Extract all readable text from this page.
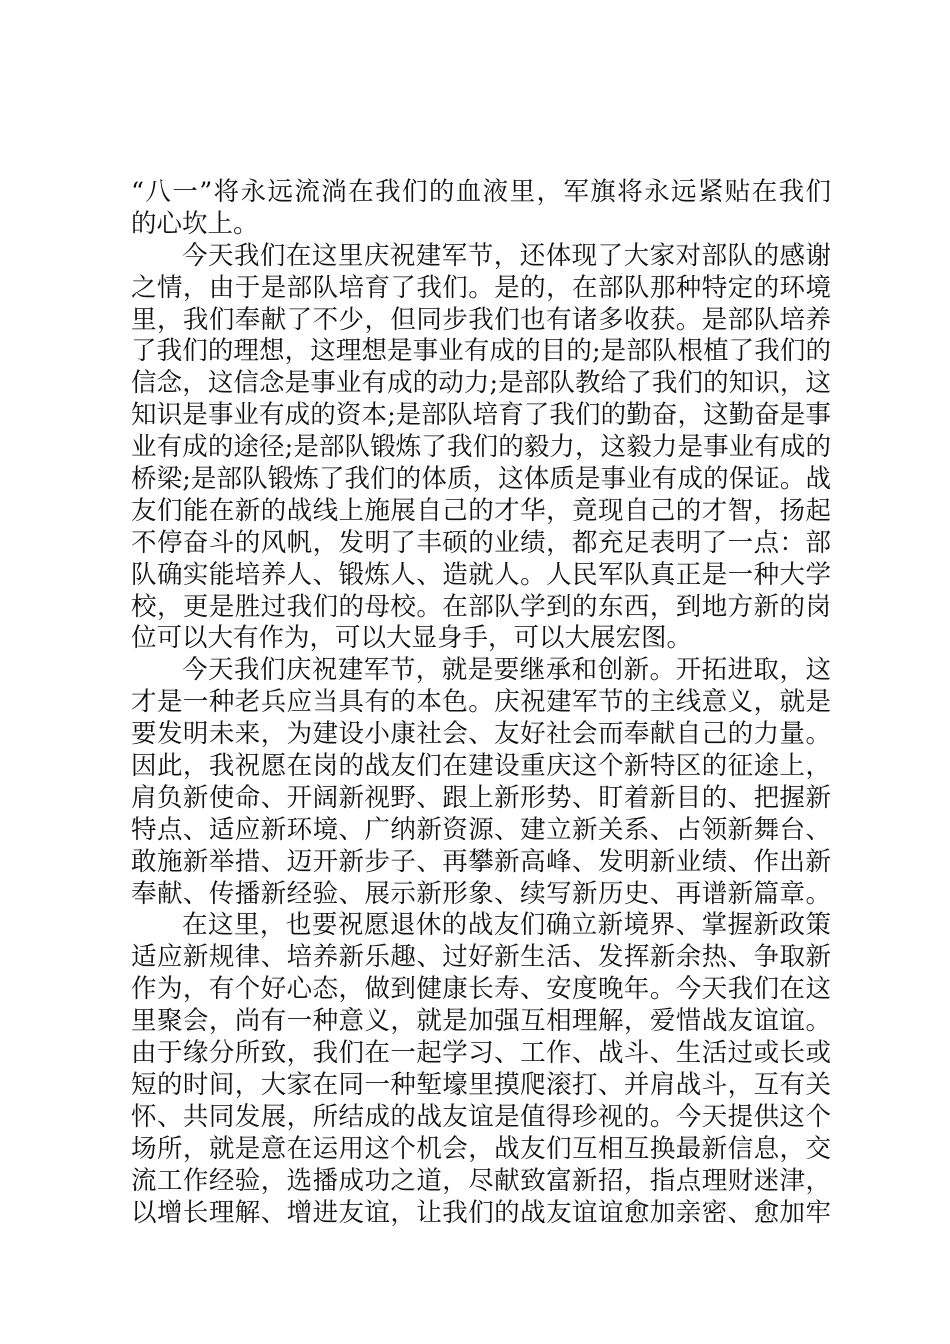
“八一”将永远流淌在我们的血液里，军旗将永远紧贴在我们
的心坎上。
今天我们在这里庆祝建军节，还体现了大家对部队的感谢
之情，由于是部队培育了我们。是的，在部队那种特定的环境
里，我们奉献了不少，但同步我们也有诸多收获。是部队培养
了我们的理想，这理想是事业有成的目的;是部队根植了我们的
信念，这信念是事业有成的动力;是部队教给了我们的知识，这
知识是事业有成的资本;是部队培育了我们的勤奋，这勤奋是事
业有成的途径;是部队锻炼了我们的毅力，这毅力是事业有成的
桥梁;是部队锻炼了我们的体质，这体质是事业有成的保证。战
友们能在新的战线上施展自己的才华，竟现自己的才智，扬起
不停奋斗的风帆，发明了丰硕的业绩，都充足表明了一点：部
队确实能培养人、锻炼人、造就人。人民军队真正是一种大学
校，更是胜过我们的母校。在部队学到的东西，到地方新的岗
位可以大有作为，可以大显身手，可以大展宏图。
今天我们庆祝建军节，就是要继承和创新。开拓进取，这
才是一种老兵应当具有的本色。庆祝建军节的主线意义，就是
要发明未来，为建设小康社会、友好社会而奉献自己的力量。
因此，我祝愿在岗的战友们在建设重庆这个新特区的征途上，
肩负新使命、开阔新视野、跟上新形势、盯着新目的、把握新
特点、适应新环境、广纳新资源、建立新关系、占领新舞台、
敢施新举措、迈开新步子、再攀新高峰、发明新业绩、作出新
奉献、传播新经验、展示新形象、续写新历史、再谱新篇章。
在这里，也要祝愿退休的战友们确立新境界、掌握新政策
适应新规律、培养新乐趣、过好新生活、发挥新余热、争取新
作为，有个好心态，做到健康长寿、安度晚年。今天我们在这
里聚会，尚有一种意义，就是加强互相理解，爱惜战友谊谊。
由于缘分所致，我们在一起学习、工作、战斗、生活过或长或
短的时间，大家在同一种堑壕里摸爬滚打、并肩战斗，互有关
怀、共同发展，所结成的战友谊是值得珍视的。今天提供这个
场所，就是意在运用这个机会，战友们互相互换最新信息，交
流工作经验，选播成功之道，尽献致富新招，指点理财迷津，
以增长理解、增进友谊，让我们的战友谊谊愈加亲密、愈加牢
